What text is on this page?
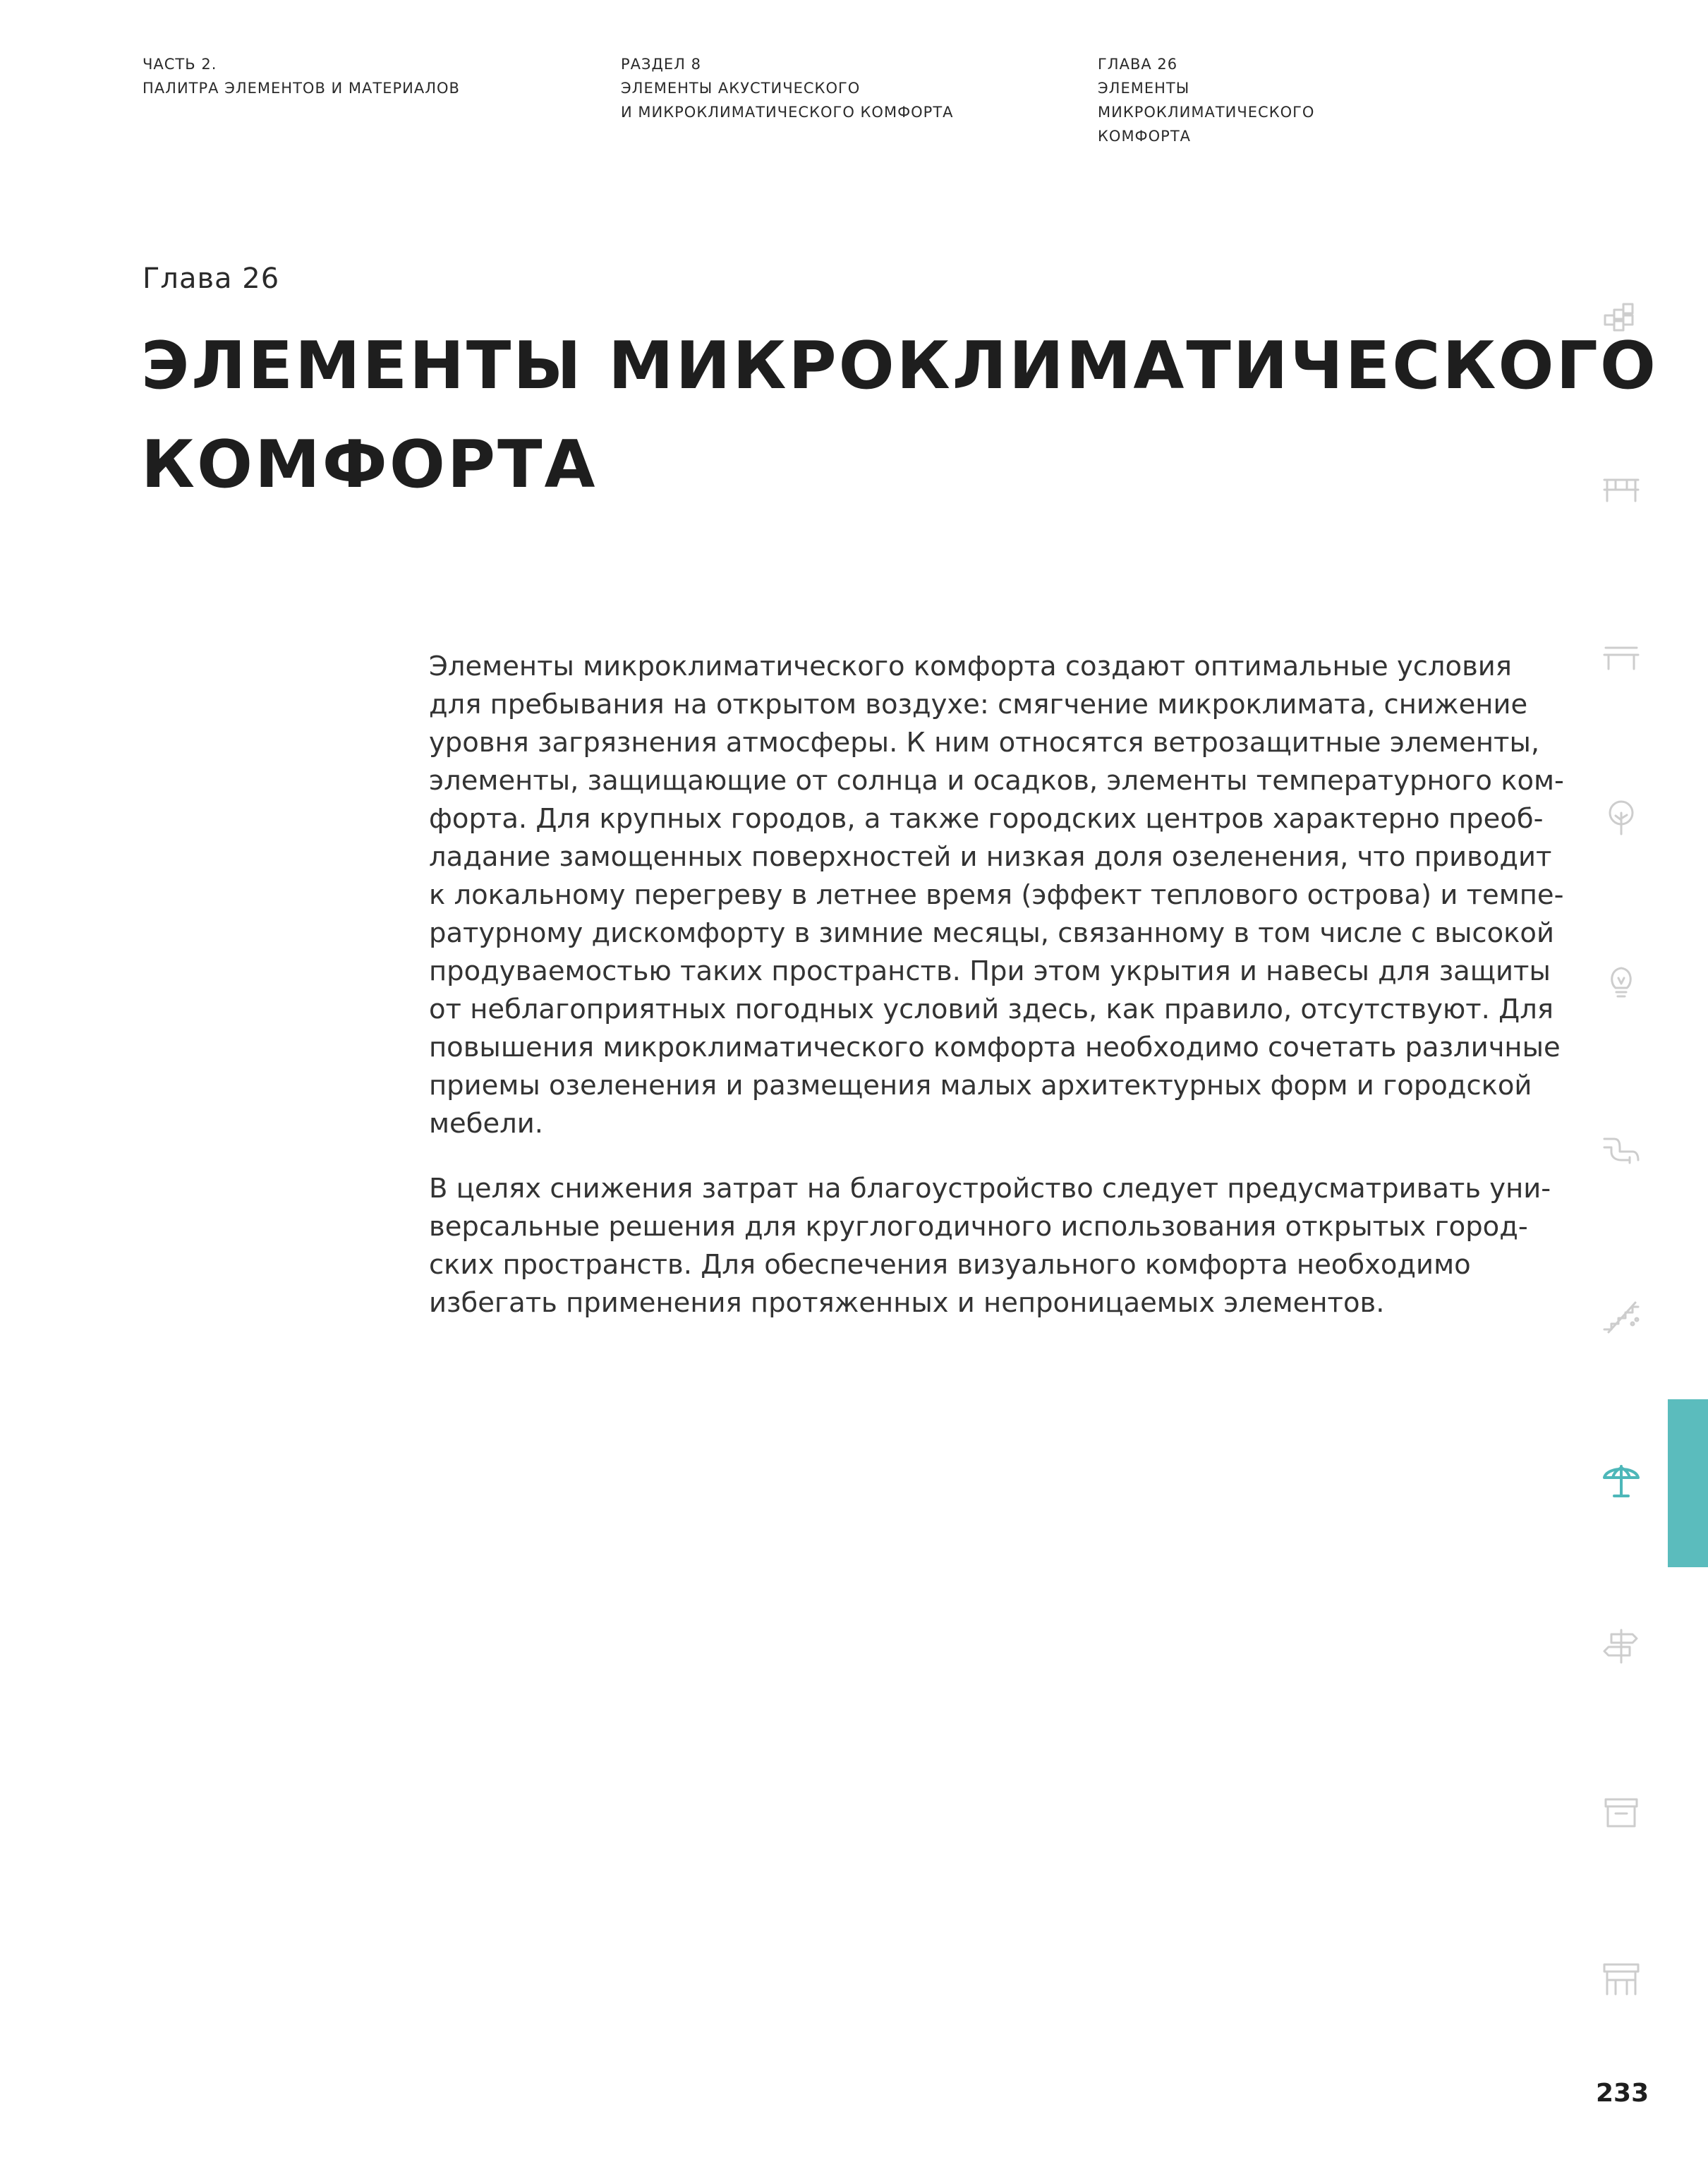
ЧАСТЬ 2.
ПАЛИТРА ЭЛЕМЕНТОВ И МАТЕРИАЛОВ
РАЗДЕЛ 8
ЭЛЕМЕНТЫ АКУСТИЧЕСКОГО
И МИКРОКЛИМАТИЧЕСКОГО КОМФОРТА
ГЛАВА 26
ЭЛЕМЕНТЫ
МИКРОКЛИМАТИЧЕСКОГО
КОМФОРТА
Глава 26
ЭЛЕМЕНТЫ МИКРОКЛИМАТИЧЕСКОГО
КОМФОРТА

Элементы микроклиматического комфорта создают оптимальные условия
для пребывания на открытом воздухе: смягчение микроклимата, снижение
уровня загрязнения атмосферы. К ним относятся ветрозащитные элементы,
элементы, защищающие от солнца и осадков, элементы температурного ком-
форта. Для крупных городов, а также городских центров характерно преоб-
ладание замощенных поверхностей и низкая доля озеленения, что приводит
к локальному перегреву в летнее время (эффект теплового острова) и темпе-
ратурному дискомфорту в зимние месяцы, связанному в том числе с высокой
продуваемостью таких пространств. При этом укрытия и навесы для защиты
от неблагоприятных погодных условий здесь, как правило, отсутствуют. Для
повышения микроклиматического комфорта необходимо сочетать различные
приемы озеленения и размещения малых архитектурных форм и городской
мебели.

В целях снижения затрат на благоустройство следует предусматривать уни-
версальные решения для круглогодичного использования открытых город-
ских пространств. Для обеспечения визуального комфорта необходимо
избегать применения протяженных и непроницаемых элементов.

233
